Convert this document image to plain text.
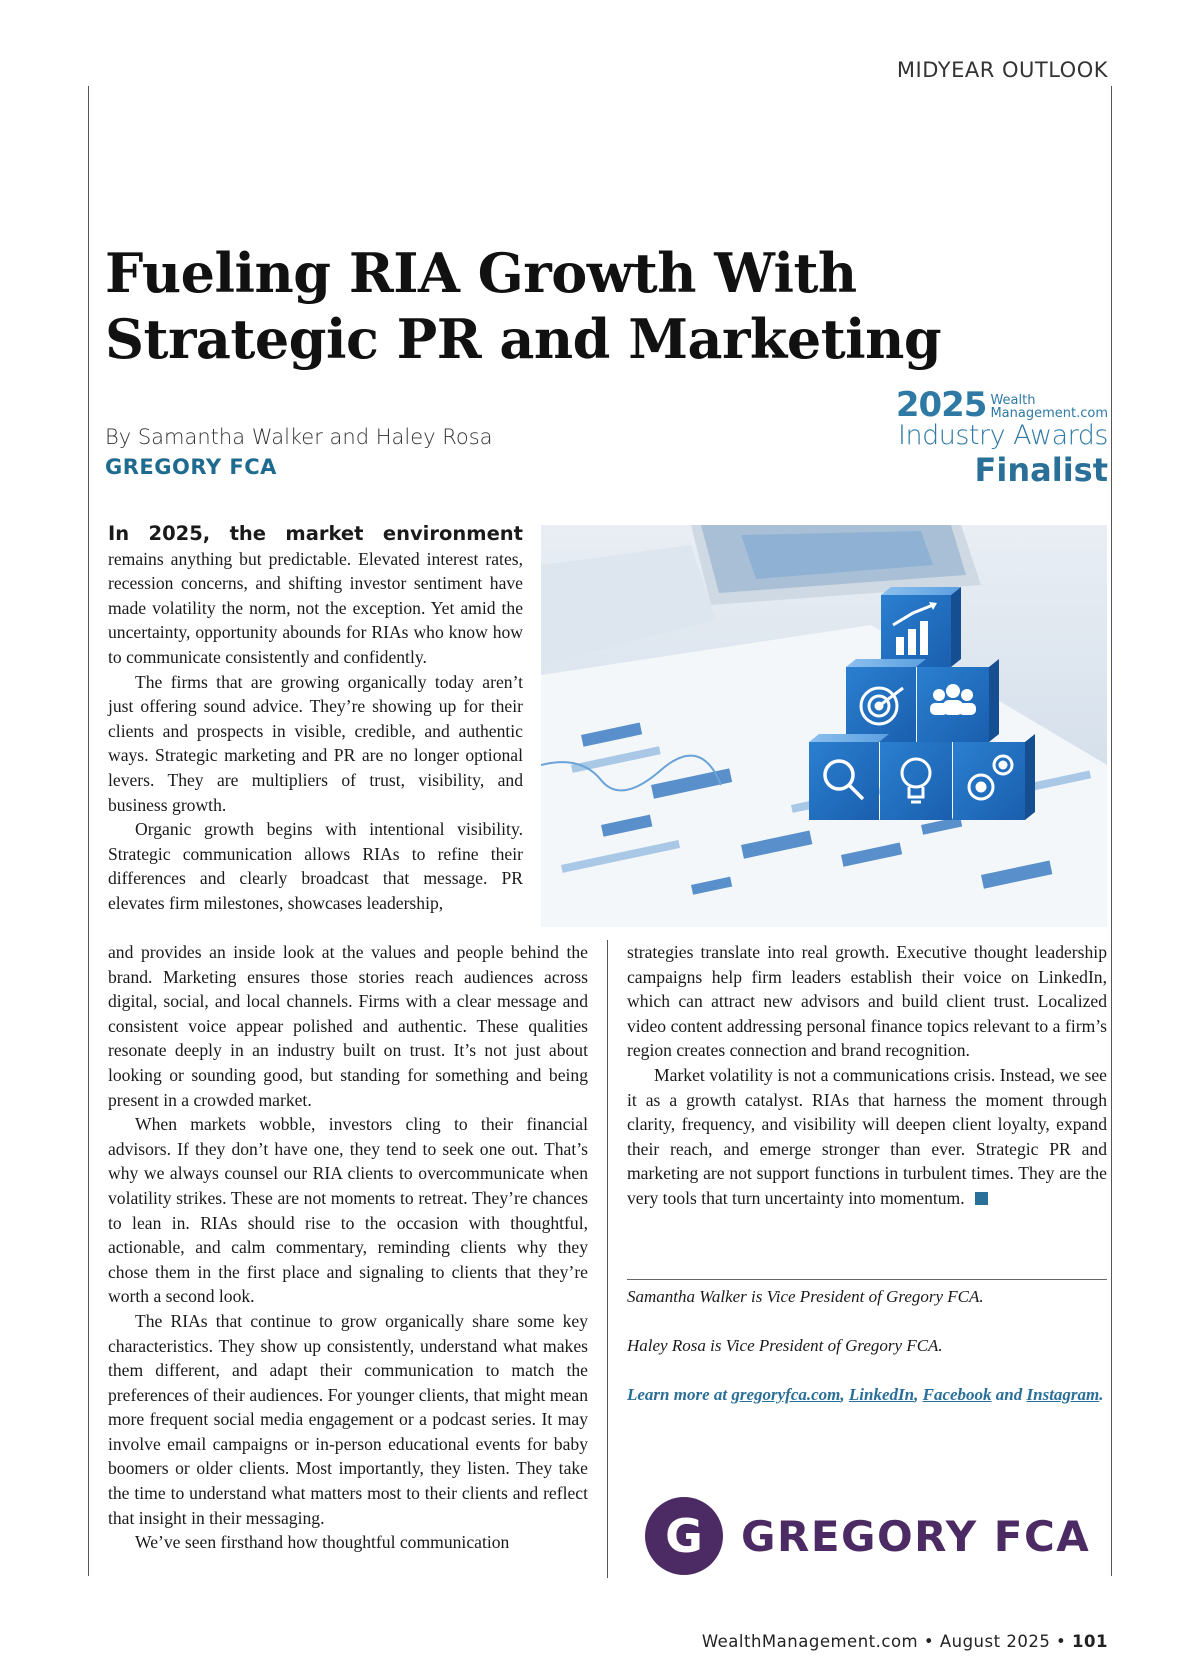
MIDYEAR OUTLOOK
Fueling RIA Growth With Strategic PR and Marketing
By Samantha Walker and Haley Rosa
GREGORY FCA
2025 Wealth
Management.com
Industry Awards
Finalist

In 2025, the market environment remains anything but predictable. Elevated interest rates, recession concerns, and shifting investor sentiment have made volatility the norm, not the exception. Yet amid the uncertainty, opportunity abounds for RIAs who know how to communicate consistently and confidently.

The firms that are growing organically today aren’t just offering sound advice. They’re showing up for their clients and prospects in visible, credible, and authentic ways. Strategic marketing and PR are no longer optional levers. They are multipliers of trust, visibility, and business growth.

Organic growth begins with intentional visibility. Strategic communication allows RIAs to refine their differences and clearly broadcast that message. PR elevates firm milestones, showcases leadership,

and provides an inside look at the values and people behind the brand. Marketing ensures those stories reach audiences across digital, social, and local channels. Firms with a clear message and consistent voice appear polished and authentic. These qualities resonate deeply in an industry built on trust. It’s not just about looking or sounding good, but standing for something and being present in a crowded market.

When markets wobble, investors cling to their financial advisors. If they don’t have one, they tend to seek one out. That’s why we always counsel our RIA clients to overcommunicate when volatility strikes. These are not moments to retreat. They’re chances to lean in. RIAs should rise to the occasion with thoughtful, actionable, and calm commentary, reminding clients why they chose them in the first place and signaling to clients that they’re worth a second look.

The RIAs that continue to grow organically share some key characteristics. They show up consistently, understand what makes them different, and adapt their communication to match the preferences of their audiences. For younger clients, that might mean more frequent social media engagement or a podcast series. It may involve email campaigns or in-person educational events for baby boomers or older clients. Most importantly, they listen. They take the time to understand what matters most to their clients and reflect that insight in their messaging.

We’ve seen firsthand how thoughtful communication

strategies translate into real growth. Executive thought leadership campaigns help firm leaders establish their voice on LinkedIn, which can attract new advisors and build client trust. Localized video content addressing personal finance topics relevant to a firm’s region creates connection and brand recognition.

Market volatility is not a communications crisis. Instead, we see it as a growth catalyst. RIAs that harness the moment through clarity, frequency, and visibility will deepen client loyalty, expand their reach, and emerge stronger than ever. Strategic PR and marketing are not support functions in turbulent times. They are the very tools that turn uncertainty into momentum.

Samantha Walker is Vice President of Gregory FCA.

Haley Rosa is Vice President of Gregory FCA.

Learn more at gregoryfca.com, LinkedIn, Facebook and Instagram.

G GREGORY FCA
WealthManagement.com • August 2025 • 101
